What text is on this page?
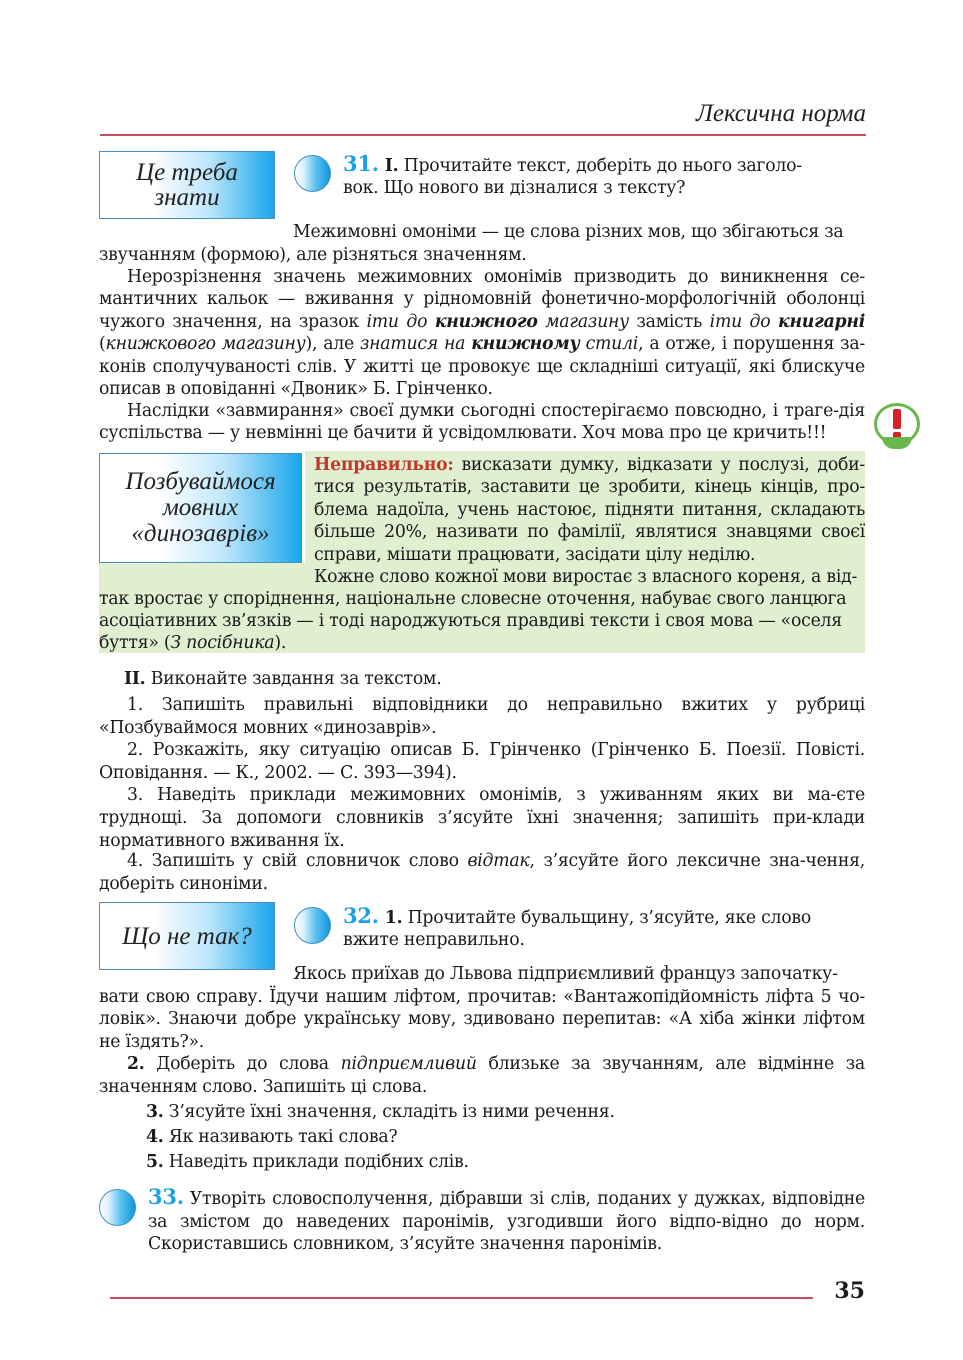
Лексична норма
Це треба
знати
31. I. Прочитайте текст, доберіть до нього заголо-
вок. Що нового ви дізналися з тексту?
Межимовні омоніми — це слова різних мов, що збігаються за
звучанням (формою), але різняться значенням.
Нерозрізнення значень межимовних омонімів призводить до виникнення се-мантичних кальок — вживання у рідномовній фонетично-морфологічній оболонці чужого значення, на зразок іти до книжного магазину замість іти до книгарні (книжкового магазину), але знатися на книжному стилі, а отже, і порушення за-конів сполучуваності слів. У житті це провокує ще складніші ситуації, які блискуче описав в оповіданні «Двоник» Б. Грінченко.
Наслідки «завмирання» своєї думки сьогодні спостерігаємо повсюдно, і траге-дія суспільства — у невмінні це бачити й усвідомлювати. Хоч мова про це кричить!!!
Позбуваймося
мовних
«динозаврів»
Неправильно: висказати думку, відказати у послузі, доби-тися результатів, заставити це зробити, кінець кінців, про-блема надоїла, учень настоює, підняти питання, складають більше 20%, називати по фамілії, являтися знавцями своєї справи, мішати працювати, засідати цілу неділю.
Кожне слово кожної мови виростає з власного кореня, а від-
так вростає у споріднення, національне словесне оточення, набуває свого ланцюга
асоціативних зв’язків — і тоді народжуються правдиві тексти і своя мова — «оселя
буття» (З посібника).
II. Виконайте завдання за текстом.
1. Запишіть правильні відповідники до неправильно вжитих у рубриці «Позбуваймося мовних «динозаврів».
2. Розкажіть, яку ситуацію описав Б. Грінченко (Грінченко Б. Поезії. Повісті. Оповідання. — К., 2002. — С. 393—394).
3. Наведіть приклади межимовних омонімів, з уживанням яких ви ма-єте труднощі. За допомоги словників з’ясуйте їхні значення; запишіть при-клади нормативного вживання їх.
4. Запишіть у свій словничок слово відтак, з’ясуйте його лексичне зна-чення, доберіть синоніми.
Що не так?
32. 1. Прочитайте бувальщину, з’ясуйте, яке слово
вжите неправильно.
Якось приїхав до Львова підприємливий француз започатку-
вати свою справу. Їдучи нашим ліфтом, прочитав: «Вантажопідйомність ліфта 5 чо-ловік». Знаючи добре українську мову, здивовано перепитав: «А хіба жінки ліфтом не їздять?».
2. Доберіть до слова підприємливий близьке за звучанням, але відмінне за значенням слово. Запишіть ці слова.
3. З’ясуйте їхні значення, складіть із ними речення.
4. Як називають такі слова?
5. Наведіть приклади подібних слів.
33. Утворіть словосполучення, дібравши зі слів, поданих у дужках, відповідне за змістом до наведених паронімів, узгодивши його відпо-відно до норм. Скориставшись словником, з’ясуйте значення паронімів.
35
